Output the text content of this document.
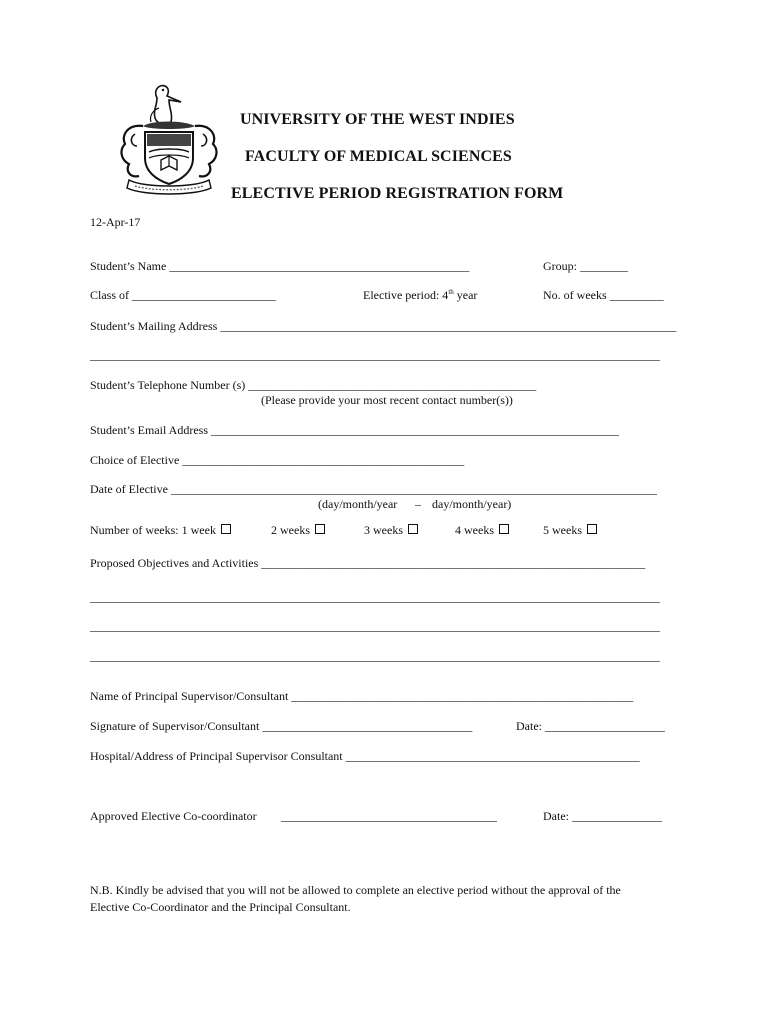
UNIVERSITY OF THE WEST INDIES
FACULTY OF MEDICAL SCIENCES
ELECTIVE PERIOD REGISTRATION FORM
12-Apr-17
Student’s Name __________________________________________________	Group: ________
Class of ________________________	Elective period: 4th year	No. of weeks _________
Student’s Mailing Address ____________________________________________________________________________
_______________________________________________________________________________________________
Student’s Telephone Number (s) ________________________________________________
(Please provide your most recent contact number(s))
Student’s Email Address ____________________________________________________________________
Choice of Elective _______________________________________________
Date of Elective _________________________________________________________________________________
(day/month/year – day/month/year)
Number of weeks: 1 week	2 weeks	3 weeks	4 weeks	5 weeks
Proposed Objectives and Activities ________________________________________________________________
_______________________________________________________________________________________________
_______________________________________________________________________________________________
_______________________________________________________________________________________________
Name of Principal Supervisor/Consultant _________________________________________________________
Signature of Supervisor/Consultant ___________________________________	Date: ____________________
Hospital/Address of Principal Supervisor Consultant _________________________________________________
Approved Elective Co-coordinator ____________________________________	Date: _______________
N.B. Kindly be advised that you will not be allowed to complete an elective period without the approval of the
Elective Co-Coordinator and the Principal Consultant.
